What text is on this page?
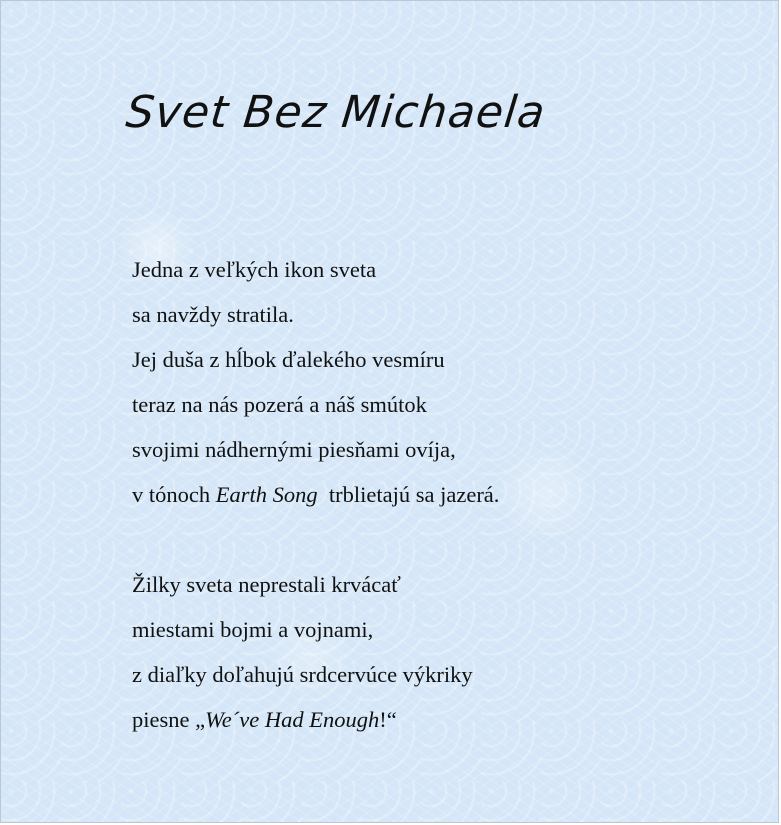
Svet Bez Michaela
Jedna z veľkých ikon sveta
sa navždy stratila.
Jej duša z hĺbok ďalekého vesmíru
teraz na nás pozerá a náš smútok
svojimi nádhernými piesňami ovíja,
v tónoch Earth Song  trblietajú sa jazerá.
Žilky sveta neprestali krvácať
miestami bojmi a vojnami,
z diaľky doľahujú srdcervúce výkriky
piesne „We´ve Had Enough!“
